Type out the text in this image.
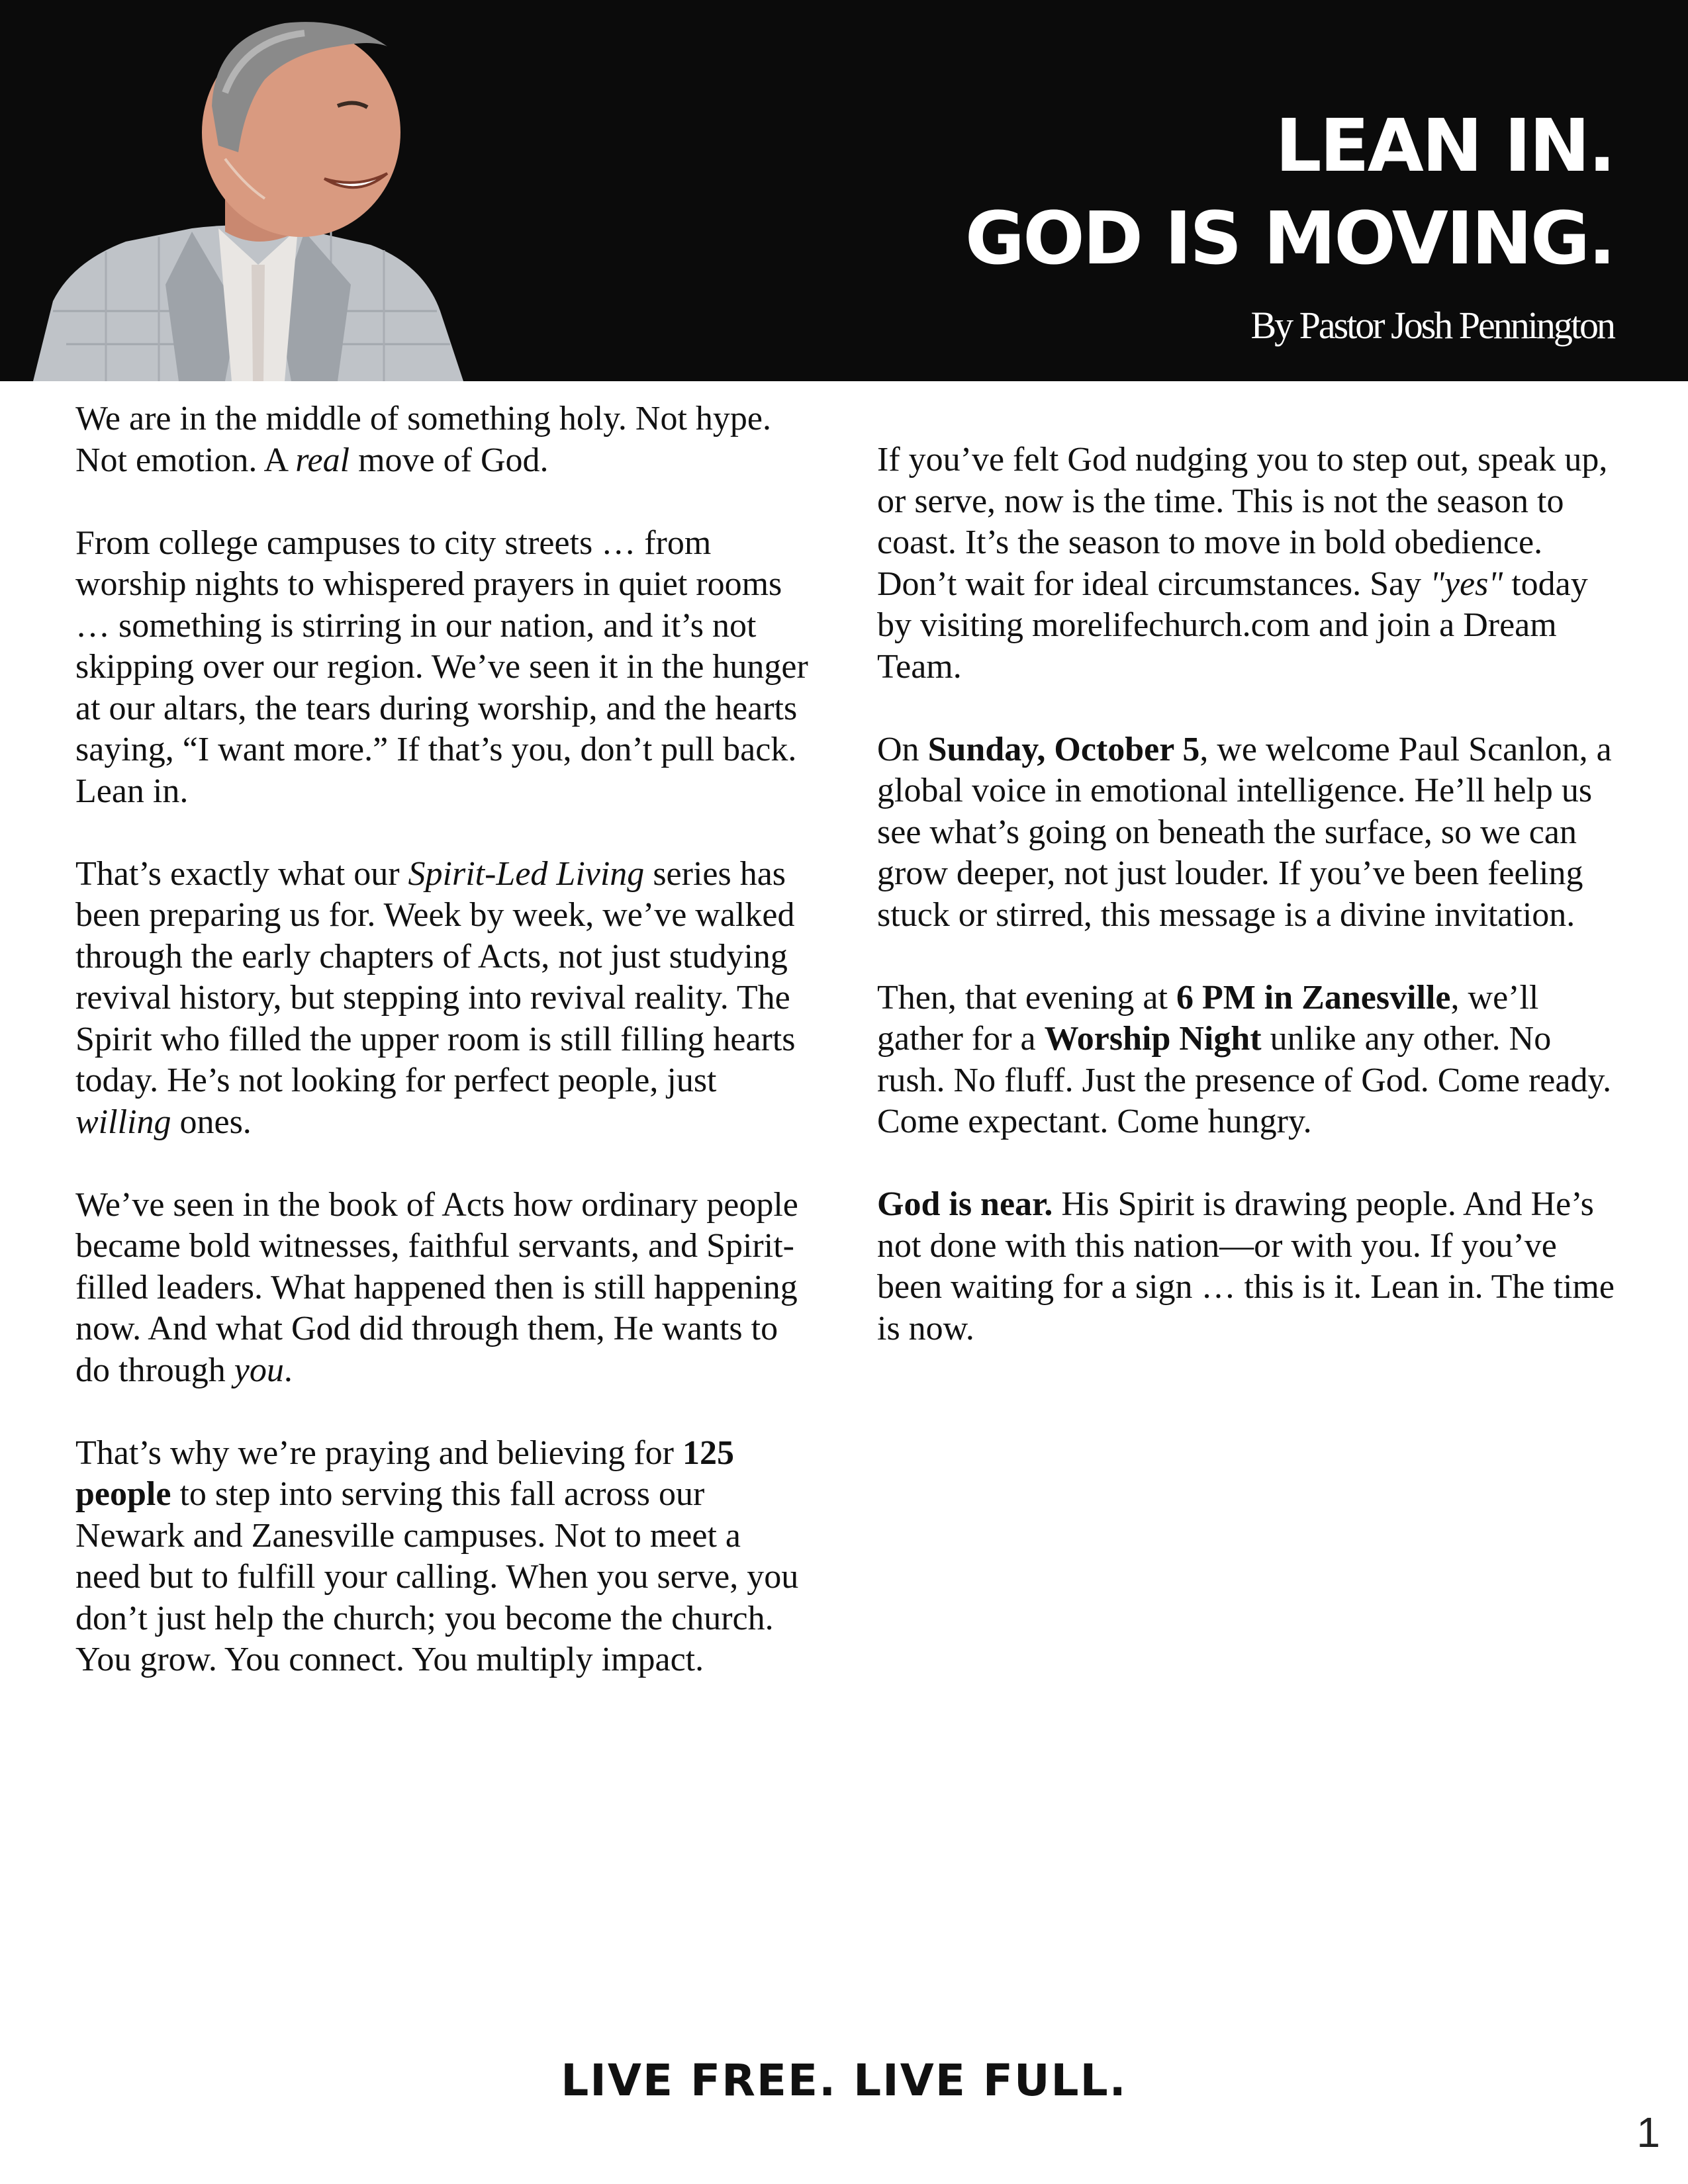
LEAN IN.
GOD IS MOVING.
By Pastor Josh Pennington

We are in the middle of something holy. Not hype. Not emotion. A real move of God.

From college campuses to city streets … from worship nights to whispered prayers in quiet rooms … something is stirring in our nation, and it’s not skipping over our region. We’ve seen it in the hunger at our altars, the tears during worship, and the hearts saying, “I want more.” If that’s you, don’t pull back. Lean in.

That’s exactly what our Spirit-Led Living series has been preparing us for. Week by week, we’ve walked through the early chapters of Acts, not just studying revival history, but stepping into revival reality. The Spirit who filled the upper room is still filling hearts today. He’s not looking for perfect people, just willing ones.

We’ve seen in the book of Acts how ordinary people became bold witnesses, faithful servants, and Spirit-filled leaders. What happened then is still happening now. And what God did through them, He wants to do through you.

That’s why we’re praying and believing for 125 people to step into serving this fall across our Newark and Zanesville campuses. Not to meet a need but to fulfill your calling. When you serve, you don’t just help the church; you become the church. You grow. You connect. You multiply impact.

If you’ve felt God nudging you to step out, speak up, or serve, now is the time. This is not the season to coast. It’s the season to move in bold obedience. Don’t wait for ideal circumstances. Say "yes" today by visiting morelifechurch.com and join a Dream Team.

On Sunday, October 5, we welcome Paul Scanlon, a global voice in emotional intelligence. He’ll help us see what’s going on beneath the surface, so we can grow deeper, not just louder. If you’ve been feeling stuck or stirred, this message is a divine invitation.

Then, that evening at 6 PM in Zanesville, we’ll gather for a Worship Night unlike any other. No rush. No fluff. Just the presence of God. Come ready. Come expectant. Come hungry.

God is near. His Spirit is drawing people. And He’s not done with this nation—or with you. If you’ve been waiting for a sign … this is it. Lean in. The time is now.

LIVE FREE. LIVE FULL.
1
